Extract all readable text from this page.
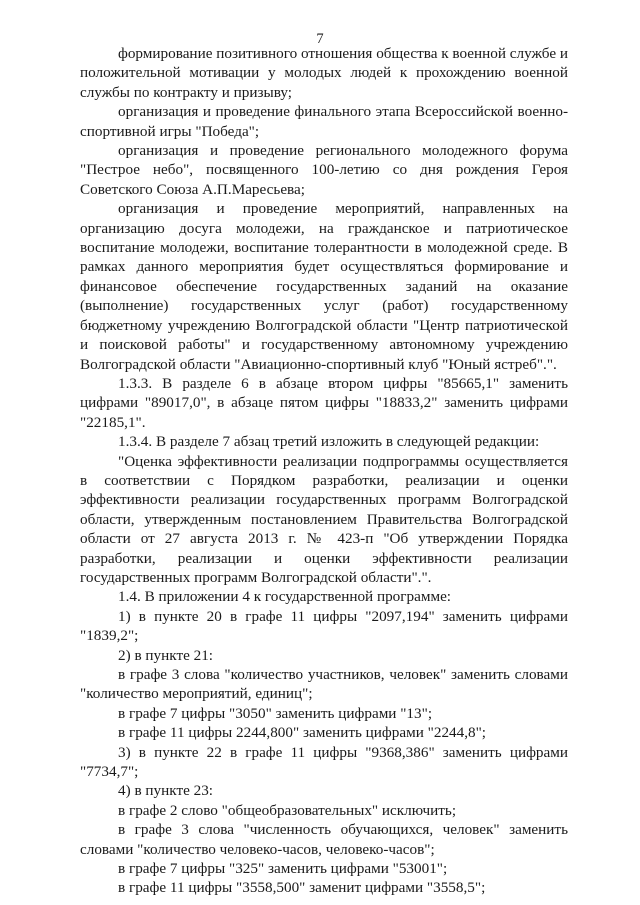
7

формирование позитивного отношения общества к военной службе и положительной мотивации у молодых людей к прохождению военной службы по контракту и призыву;

организация и проведение финального этапа Всероссийской военно-спортивной игры "Победа";

организация и проведение регионального молодежного форума "Пестрое небо", посвященного 100-летию со дня рождения Героя Советского Союза А.П.Маресьева;

организация и проведение мероприятий, направленных на организацию досуга молодежи, на гражданское и патриотическое воспитание молодежи, воспитание толерантности в молодежной среде. В рамках данного мероприятия будет осуществляться формирование и финансовое обеспечение государственных заданий на оказание (выполнение) государственных услуг (работ) государственному бюджетному учреждению Волгоградской области "Центр патриотической и поисковой работы" и государственному автономному учреждению Волгоградской области "Авиационно-спортивный клуб "Юный ястреб".".

1.3.3. В разделе 6 в абзаце втором цифры "85665,1" заменить цифрами "89017,0", в абзаце пятом цифры "18833,2" заменить цифрами "22185,1".

1.3.4. В разделе 7 абзац третий изложить в следующей редакции:

"Оценка эффективности реализации подпрограммы осуществляется в соответствии с Порядком разработки, реализации и оценки эффективности реализации государственных программ Волгоградской области, утвержденным постановлением Правительства Волгоградской области от 27 августа 2013 г. № 423-п "Об утверждении Порядка разработки, реализации и оценки эффективности реализации государственных программ Волгоградской области".".

1.4. В приложении 4 к государственной программе:

1) в пункте 20 в графе 11 цифры "2097,194" заменить цифрами "1839,2";

2) в пункте 21:

в графе 3 слова "количество участников, человек" заменить словами "количество мероприятий, единиц";

в графе 7 цифры "3050" заменить цифрами "13";

в графе 11 цифры 2244,800" заменить цифрами "2244,8";

3) в пункте 22 в графе 11 цифры "9368,386" заменить цифрами "7734,7";

4) в пункте 23:

в графе 2 слово "общеобразовательных" исключить;

в графе 3 слова "численность обучающихся, человек" заменить словами "количество человеко-часов, человеко-часов";

в графе 7 цифры "325" заменить цифрами "53001";

в графе 11 цифры "3558,500" заменит цифрами "3558,5";
